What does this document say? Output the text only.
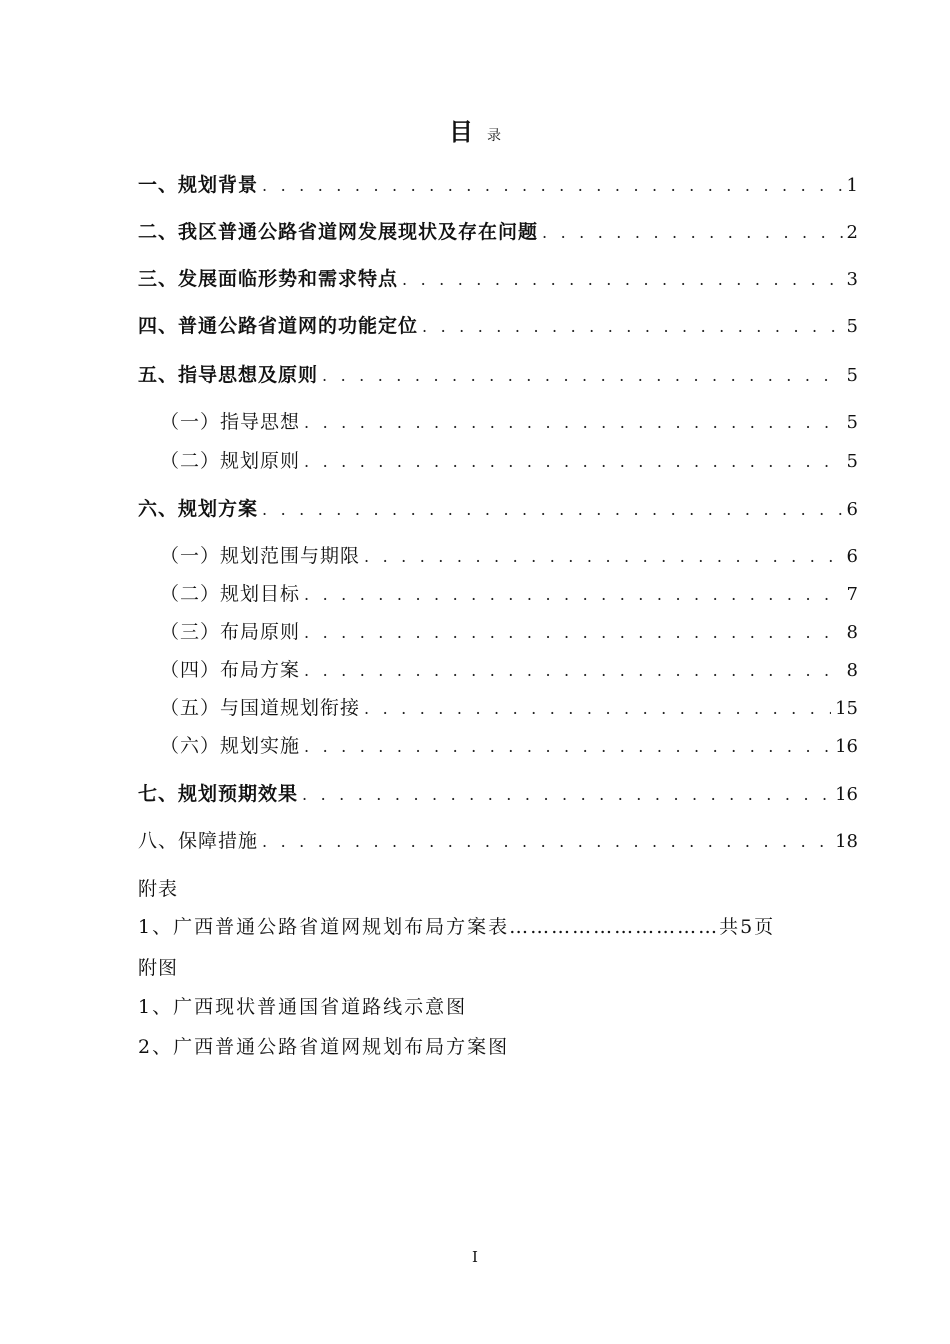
目 录
一、规划背景 . . .	1
二、我区普通公路省道网发展现状及存在问题 . . .	2
三、发展面临形势和需求特点 . . .	3
四、普通公路省道网的功能定位 . . .	5
五、指导思想及原则 . . .	5
（一）指导思想 . . .	5
（二）规划原则 . . .	5
六、规划方案 . . .	6
（一）规划范围与期限 . . .	6
（二）规划目标 . . .	7
（三）布局原则 . . .	8
（四）布局方案 . . .	8
（五）与国道规划衔接 . . .	15
（六）规划实施 . . .	16
七、规划预期效果 . . .	16
八、保障措施 . . .	18
附表
1、广西普通公路省道网规划布局方案表…………………………共5页
附图
1、广西现状普通国省道路线示意图
2、广西普通公路省道网规划布局方案图
I
